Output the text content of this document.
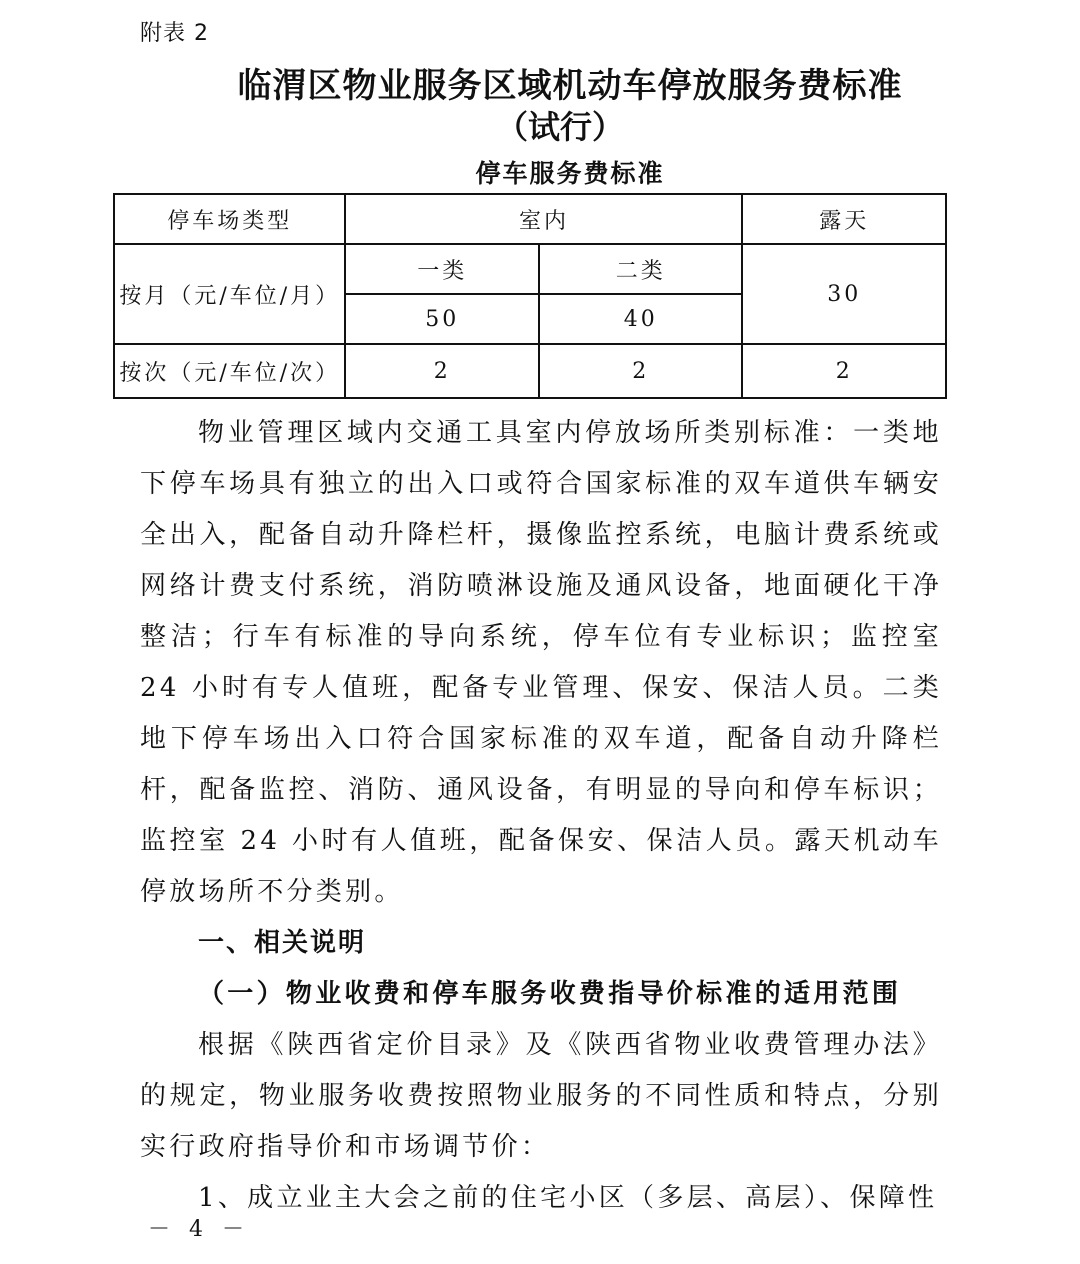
附表 2
临渭区物业服务区域机动车停放服务费标准
（试行）
停车服务费标准
停车场类型	室内		露天
按月（元/车位/月）	一类	二类	30
	50	40	
按次（元/车位/次）	2	2	2

物业管理区域内交通工具室内停放场所类别标准：一类地下停车场具有独立的出入口或符合国家标准的双车道供车辆安全出入，配备自动升降栏杆，摄像监控系统，电脑计费系统或网络计费支付系统，消防喷淋设施及通风设备，地面硬化干净整洁；行车有标准的导向系统，停车位有专业标识；监控室 24 小时有专人值班，配备专业管理、保安、保洁人员。二类地下停车场出入口符合国家标准的双车道，配备自动升降栏杆，配备监控、消防、通风设备，有明显的导向和停车标识；监控室 24 小时有人值班，配备保安、保洁人员。露天机动车停放场所不分类别。

一、相关说明

（一）物业收费和停车服务收费指导价标准的适用范围

根据《陕西省定价目录》及《陕西省物业收费管理办法》的规定，物业服务收费按照物业服务的不同性质和特点，分别实行政府指导价和市场调节价：

1、成立业主大会之前的住宅小区（多层、高层）、保障性

－ 4 －
